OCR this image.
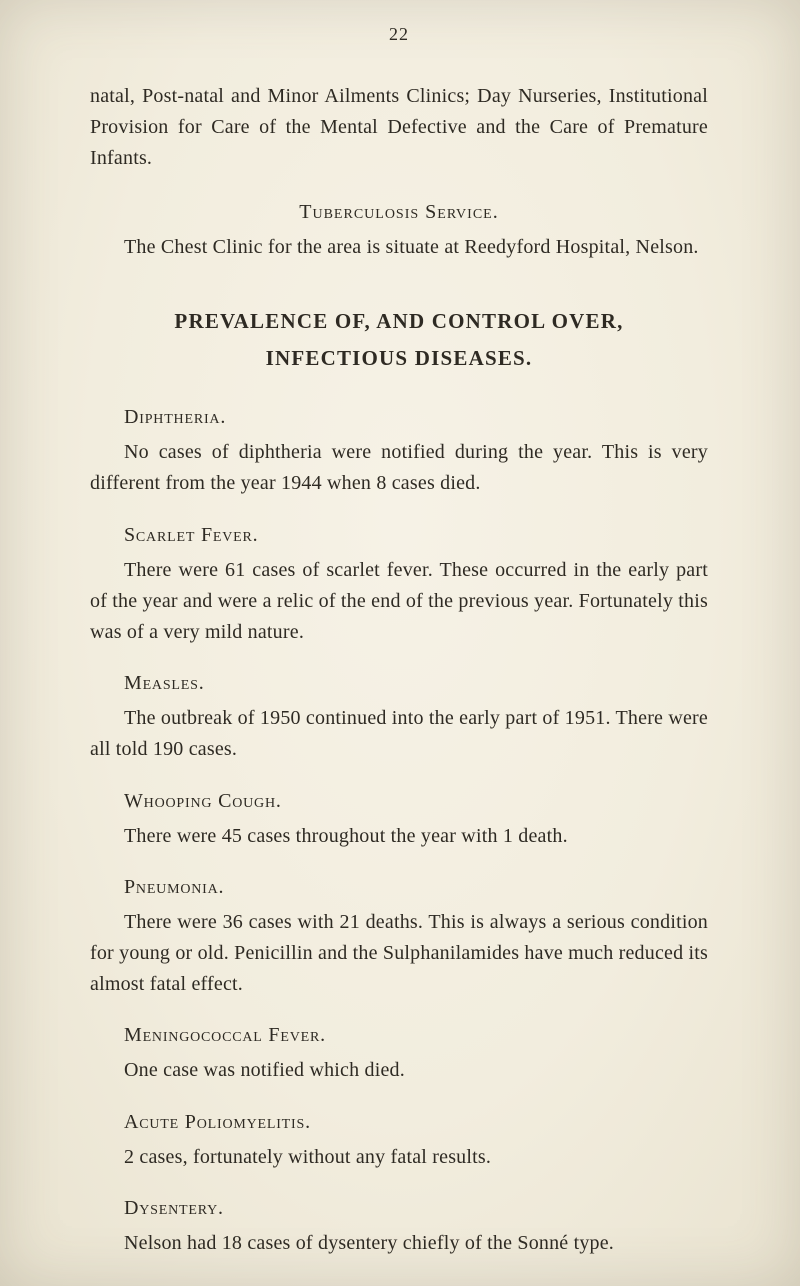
22

natal, Post-natal and Minor Ailments Clinics; Day Nurseries, Institutional Provision for Care of the Mental Defective and the Care of Premature Infants.

Tuberculosis Service.

The Chest Clinic for the area is situate at Reedyford Hospital, Nelson.

PREVALENCE OF, AND CONTROL OVER,
INFECTIOUS DISEASES.
Diphtheria.

No cases of diphtheria were notified during the year. This is very different from the year 1944 when 8 cases died.

Scarlet Fever.

There were 61 cases of scarlet fever. These occurred in the early part of the year and were a relic of the end of the previous year. Fortunately this was of a very mild nature.

Measles.

The outbreak of 1950 continued into the early part of 1951. There were all told 190 cases.

Whooping Cough.

There were 45 cases throughout the year with 1 death.

Pneumonia.

There were 36 cases with 21 deaths. This is always a serious condition for young or old. Penicillin and the Sulphanilamides have much reduced its almost fatal effect.

Meningococcal Fever.

One case was notified which died.

Acute Poliomyelitis.

2 cases, fortunately without any fatal results.

Dysentery.

Nelson had 18 cases of dysentery chiefly of the Sonné type.
